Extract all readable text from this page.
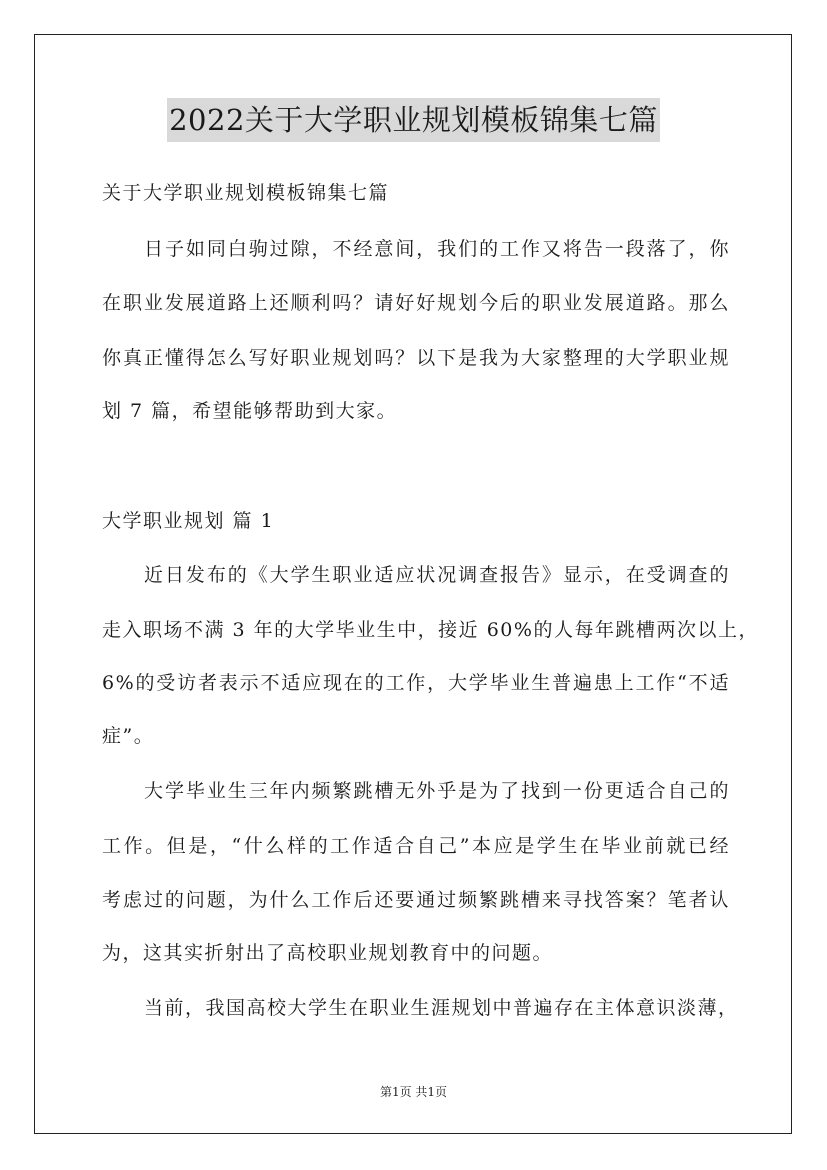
2022关于大学职业规划模板锦集七篇

关于大学职业规划模板锦集七篇

日子如同白驹过隙，不经意间，我们的工作又将告一段落了，你

在职业发展道路上还顺利吗？请好好规划今后的职业发展道路。那么

你真正懂得怎么写好职业规划吗？以下是我为大家整理的大学职业规

划 7 篇，希望能够帮助到大家。

大学职业规划 篇 1

近日发布的《大学生职业适应状况调查报告》显示，在受调查的

走入职场不满 3 年的大学毕业生中，接近 60%的人每年跳槽两次以上，

6%的受访者表示不适应现在的工作，大学毕业生普遍患上工作“不适

症”。

大学毕业生三年内频繁跳槽无外乎是为了找到一份更适合自己的

工作。但是，“什么样的工作适合自己”本应是学生在毕业前就已经

考虑过的问题，为什么工作后还要通过频繁跳槽来寻找答案？笔者认

为，这其实折射出了高校职业规划教育中的问题。

当前，我国高校大学生在职业生涯规划中普遍存在主体意识淡薄，

第1页 共1页
